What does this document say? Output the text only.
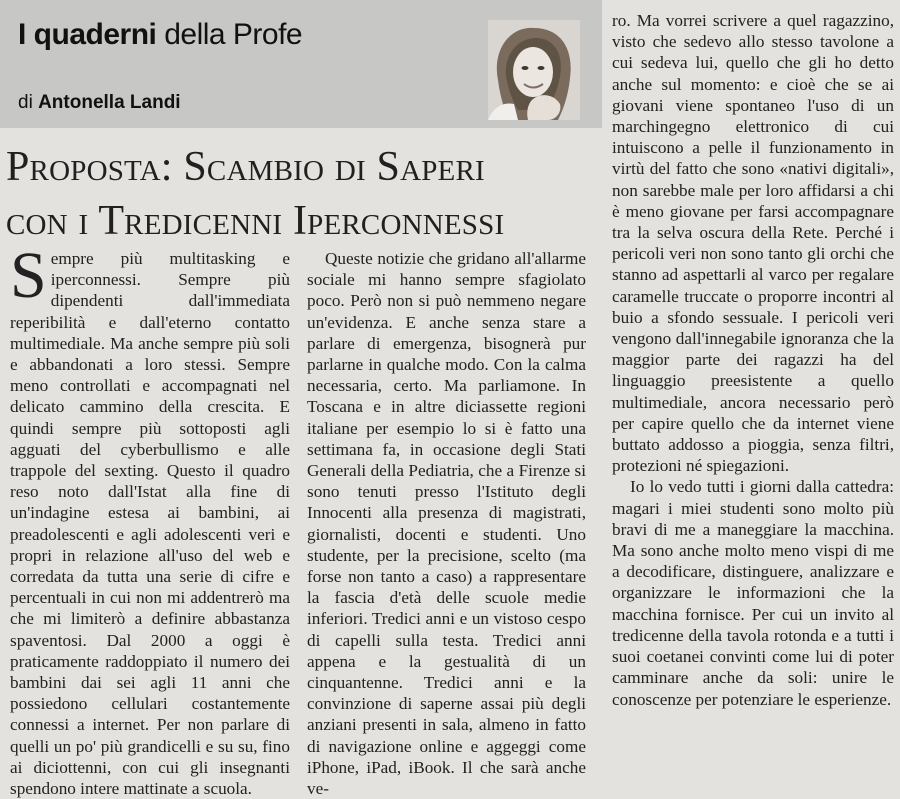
I quaderni della Profe
di Antonella Landi
Proposta: Scambio di Saperi
con i Tredicenni Iperconnessi

Sempre più multitasking e iperconnessi. Sempre più dipendenti dall'immediata reperibilità e dall'eterno contatto multimediale. Ma anche sempre più soli e abbandonati a loro stessi. Sempre meno controllati e accompagnati nel delicato cammino della crescita. E quindi sempre più sottoposti agli agguati del cyberbullismo e alle trappole del sexting. Questo il quadro reso noto dall'Istat alla fine di un'indagine estesa ai bambini, ai preadolescenti e agli adolescenti veri e propri in relazione all'uso del web e corredata da tutta una serie di cifre e percentuali in cui non mi addentrerò ma che mi limiterò a definire abbastanza spaventosi. Dal 2000 a oggi è praticamente raddoppiato il numero dei bambini dai sei agli 11 anni che possiedono cellulari costantemente connessi a internet. Per non parlare di quelli un po' più grandicelli e su su, fino ai diciottenni, con cui gli insegnanti spendono intere mattinate a scuola.

Queste notizie che gridano all'allarme sociale mi hanno sempre sfagiolato poco. Però non si può nemmeno negare un'evidenza. E anche senza stare a parlare di emergenza, bisognerà pur parlarne in qualche modo. Con la calma necessaria, certo. Ma parliamone. In Toscana e in altre diciassette regioni italiane per esempio lo si è fatto una settimana fa, in occasione degli Stati Generali della Pediatria, che a Firenze si sono tenuti presso l'Istituto degli Innocenti alla presenza di magistrati, giornalisti, docenti e studenti. Uno studente, per la precisione, scelto (ma forse non tanto a caso) a rappresentare la fascia d'età delle scuole medie inferiori. Tredici anni e un vistoso cespo di capelli sulla testa. Tredici anni appena e la gestualità di un cinquantenne. Tredici anni e la convinzione di saperne assai più degli anziani presenti in sala, almeno in fatto di navigazione online e aggeggi come iPhone, iPad, iBook. Il che sarà anche ve-

ro. Ma vorrei scrivere a quel ragazzino, visto che sedevo allo stesso tavolone a cui sedeva lui, quello che gli ho detto anche sul momento: e cioè che se ai giovani viene spontaneo l'uso di un marchingegno elettronico di cui intuiscono a pelle il funzionamento in virtù del fatto che sono «nativi digitali», non sarebbe male per loro affidarsi a chi è meno giovane per farsi accompagnare tra la selva oscura della Rete. Perché i pericoli veri non sono tanto gli orchi che stanno ad aspettarli al varco per regalare caramelle truccate o proporre incontri al buio a sfondo sessuale. I pericoli veri vengono dall'innegabile ignoranza che la maggior parte dei ragazzi ha del linguaggio preesistente a quello multimediale, ancora necessario però per capire quello che da internet viene buttato addosso a pioggia, senza filtri, protezioni né spiegazioni.

Io lo vedo tutti i giorni dalla cattedra: magari i miei studenti sono molto più bravi di me a maneggiare la macchina. Ma sono anche molto meno vispi di me a decodificare, distinguere, analizzare e organizzare le informazioni che la macchina fornisce. Per cui un invito al tredicenne della tavola rotonda e a tutti i suoi coetanei convinti come lui di poter camminare anche da soli: unire le conoscenze per potenziare le esperienze.
